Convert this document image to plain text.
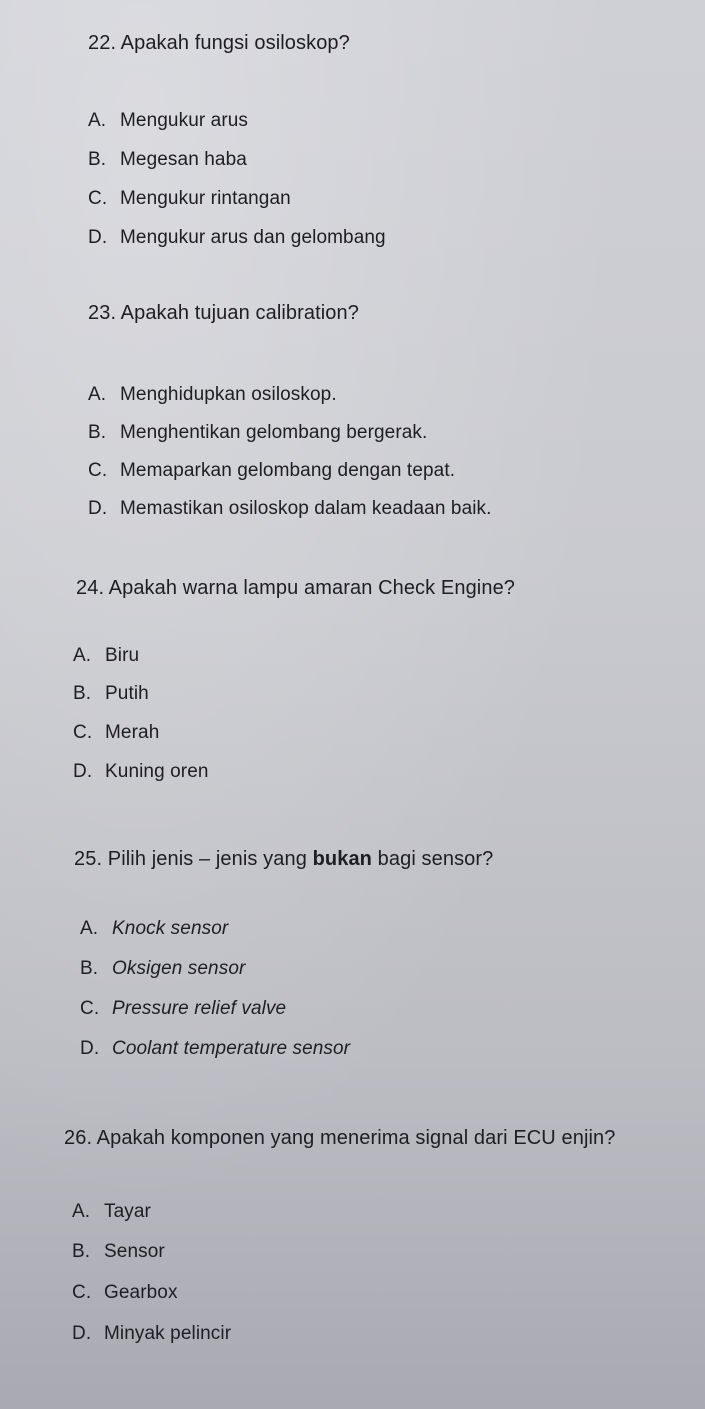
22. Apakah fungsi osiloskop?
A. Mengukur arus
B. Megesan haba
C. Mengukur rintangan
D. Mengukur arus dan gelombang
23. Apakah tujuan calibration?
A. Menghidupkan osiloskop.
B. Menghentikan gelombang bergerak.
C. Memaparkan gelombang dengan tepat.
D. Memastikan osiloskop dalam keadaan baik.
24. Apakah warna lampu amaran Check Engine?
A. Biru
B. Putih
C. Merah
D. Kuning oren
25. Pilih jenis – jenis yang bukan bagi sensor?
A. Knock sensor
B. Oksigen sensor
C. Pressure relief valve
D. Coolant temperature sensor
26. Apakah komponen yang menerima signal dari ECU enjin?
A. Tayar
B. Sensor
C. Gearbox
D. Minyak pelincir
